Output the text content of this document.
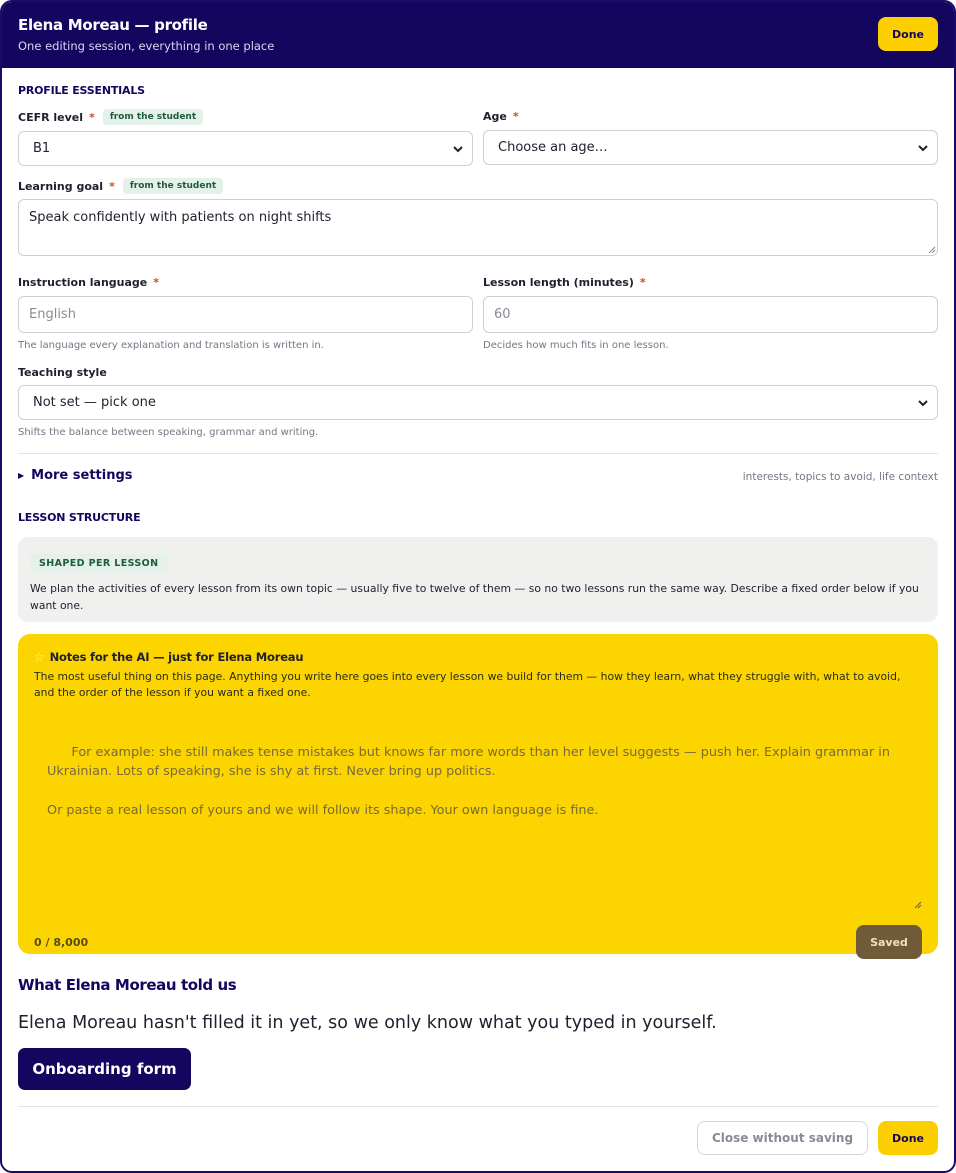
Elena Moreau — profile
One editing session, everything in one place
Done
PROFILE ESSENTIALS
CEFR level *	from the student
B1
Age *
Choose an age…
Learning goal *	from the student
Speak confidently with patients on night shifts
Instruction language *
English
The language every explanation and translation is written in.
Lesson length (minutes) *
60
Decides how much fits in one lesson.
Teaching style
Not set — pick one
Shifts the balance between speaking, grammar and writing.
▶ More settings	interests, topics to avoid, life context
LESSON STRUCTURE
SHAPED PER LESSON
We plan the activities of every lesson from its own topic — usually five to twelve of them — so no two lessons run the same way. Describe a fixed order below if you want one.
☆ Notes for the AI — just for Elena Moreau
The most useful thing on this page. Anything you write here goes into every lesson we build for them — how they learn, what they struggle with, what to avoid, and the order of the lesson if you want a fixed one.

For example: she still makes tense mistakes but knows far more words than her level suggests — push her. Explain grammar in Ukrainian. Lots of speaking, she is shy at first. Never bring up politics.

Or paste a real lesson of yours and we will follow its shape. Your own language is fine.

0 / 8,000	Saved
What Elena Moreau told us
Elena Moreau hasn't filled it in yet, so we only know what you typed in yourself.
Onboarding form
Close without saving	Done
